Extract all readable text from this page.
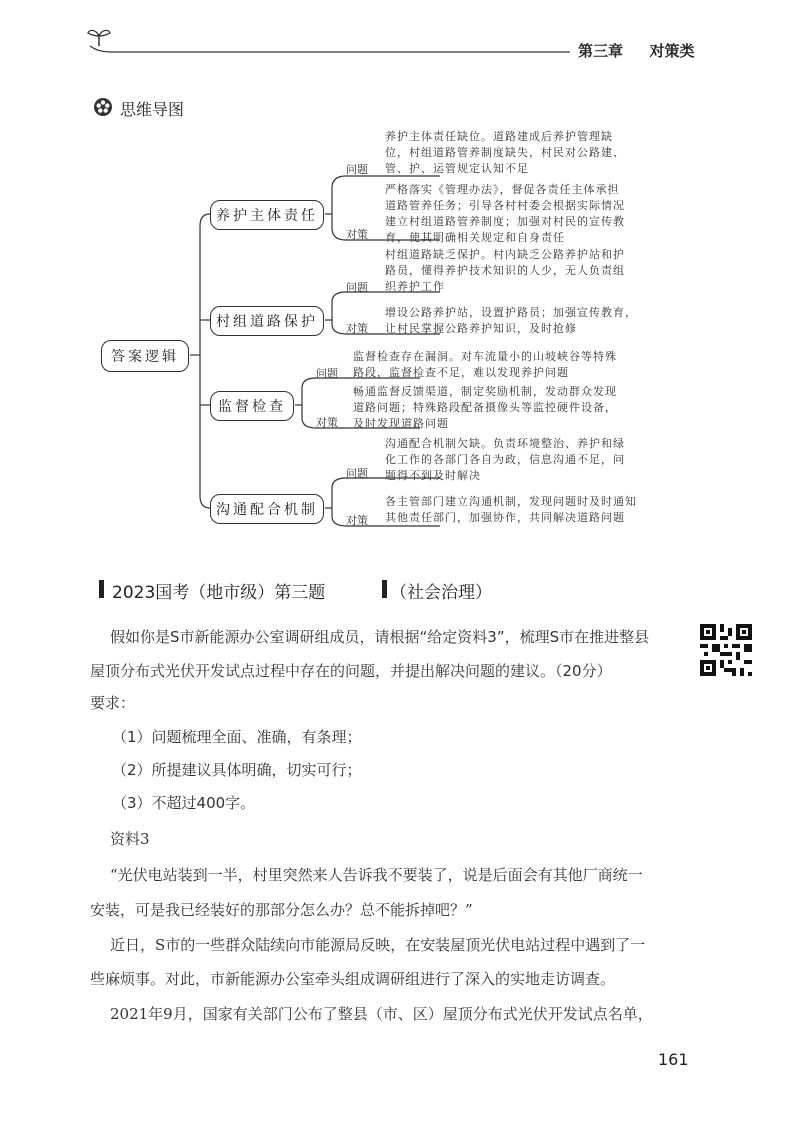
第三章 对策类
思维导图
答案逻辑
养护主体责任
村组道路保护
监督检查
沟通配合机制
问题
对策
养护主体责任缺位。道路建成后养护管理缺
位，村组道路管养制度缺失，村民对公路建、
管、护、运管规定认知不足
严格落实《管理办法》，督促各责任主体承担
道路管养任务；引导各村村委会根据实际情况
建立村组道路管养制度；加强对村民的宣传教
育，使其明确相关规定和自身责任
问题
对策
村组道路缺乏保护。村内缺乏公路养护站和护
路员，懂得养护技术知识的人少，无人负责组
织养护工作
增设公路养护站，设置护路员；加强宣传教育，
让村民掌握公路养护知识，及时抢修
问题
对策
监督检查存在漏洞。对车流量小的山坡峡谷等特殊
路段，监督检查不足，难以发现养护问题
畅通监督反馈渠道，制定奖励机制，发动群众发现
道路问题；特殊路段配备摄像头等监控硬件设备，
及时发现道路问题
问题
对策
沟通配合机制欠缺。负责环境整治、养护和绿
化工作的各部门各自为政，信息沟通不足，问
题得不到及时解决
各主管部门建立沟通机制，发现问题时及时通知
其他责任部门，加强协作，共同解决道路问题
2023国考（地市级）第三题	（社会治理）
假如你是S市新能源办公室调研组成员，请根据“给定资料3”，梳理S市在推进整县
屋顶分布式光伏开发试点过程中存在的问题，并提出解决问题的建议。（20分）
要求：
（1）问题梳理全面、准确，有条理；
（2）所提建议具体明确，切实可行；
（3）不超过400字。
资料3
“光伏电站装到一半，村里突然来人告诉我不要装了，说是后面会有其他厂商统一
安装，可是我已经装好的那部分怎么办？总不能拆掉吧？”
近日，S市的一些群众陆续向市能源局反映，在安装屋顶光伏电站过程中遇到了一
些麻烦事。对此，市新能源办公室牵头组成调研组进行了深入的实地走访调查。
2021年9月，国家有关部门公布了整县（市、区）屋顶分布式光伏开发试点名单，
161
